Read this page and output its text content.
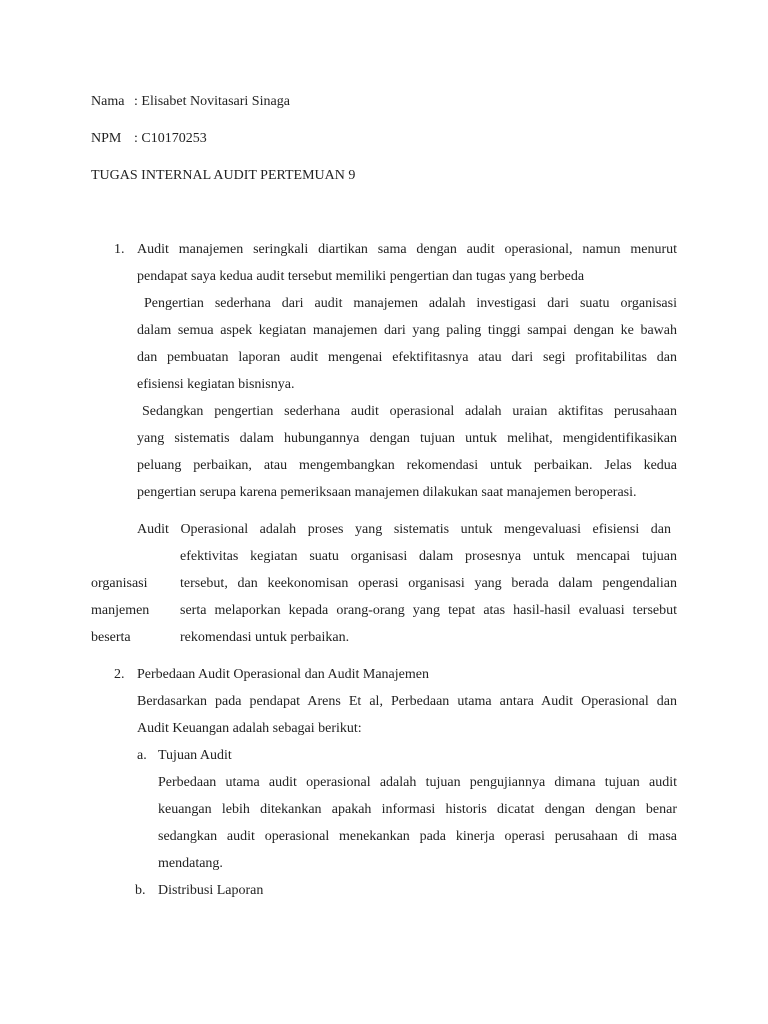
Nama : Elisabet Novitasari Sinaga
NPM : C10170253
TUGAS INTERNAL AUDIT PERTEMUAN 9
1. Audit manajemen seringkali diartikan sama dengan audit operasional, namun menurut
pendapat saya kedua audit tersebut memiliki pengertian dan tugas yang berbeda
Pengertian sederhana dari audit manajemen adalah investigasi dari suatu organisasi
dalam semua aspek kegiatan manajemen dari yang paling tinggi sampai dengan ke bawah
dan pembuatan laporan audit mengenai efektifitasnya atau dari segi profitabilitas dan
efisiensi kegiatan bisnisnya.
Sedangkan pengertian sederhana audit operasional adalah uraian aktifitas perusahaan
yang sistematis dalam hubungannya dengan tujuan untuk melihat, mengidentifikasikan
peluang perbaikan, atau mengembangkan rekomendasi untuk perbaikan. Jelas kedua
pengertian serupa karena pemeriksaan manajemen dilakukan saat manajemen beroperasi.
Audit Operasional adalah proses yang sistematis untuk mengevaluasi efisiensi dan
efektivitas kegiatan suatu organisasi dalam prosesnya untuk mencapai tujuan
organisasi tersebut, dan keekonomisan operasi organisasi yang berada dalam pengendalian
manjemen serta melaporkan kepada orang-orang yang tepat atas hasil-hasil evaluasi tersebut
beserta	rekomendasi untuk perbaikan.
2. Perbedaan Audit Operasional dan Audit Manajemen
Berdasarkan pada pendapat Arens Et al, Perbedaan utama antara Audit Operasional dan
Audit Keuangan adalah sebagai berikut:
a. Tujuan Audit
Perbedaan utama audit operasional adalah tujuan pengujiannya dimana tujuan audit
keuangan lebih ditekankan apakah informasi historis dicatat dengan dengan benar
sedangkan audit operasional menekankan pada kinerja operasi perusahaan di masa
mendatang.
b. Distribusi Laporan
